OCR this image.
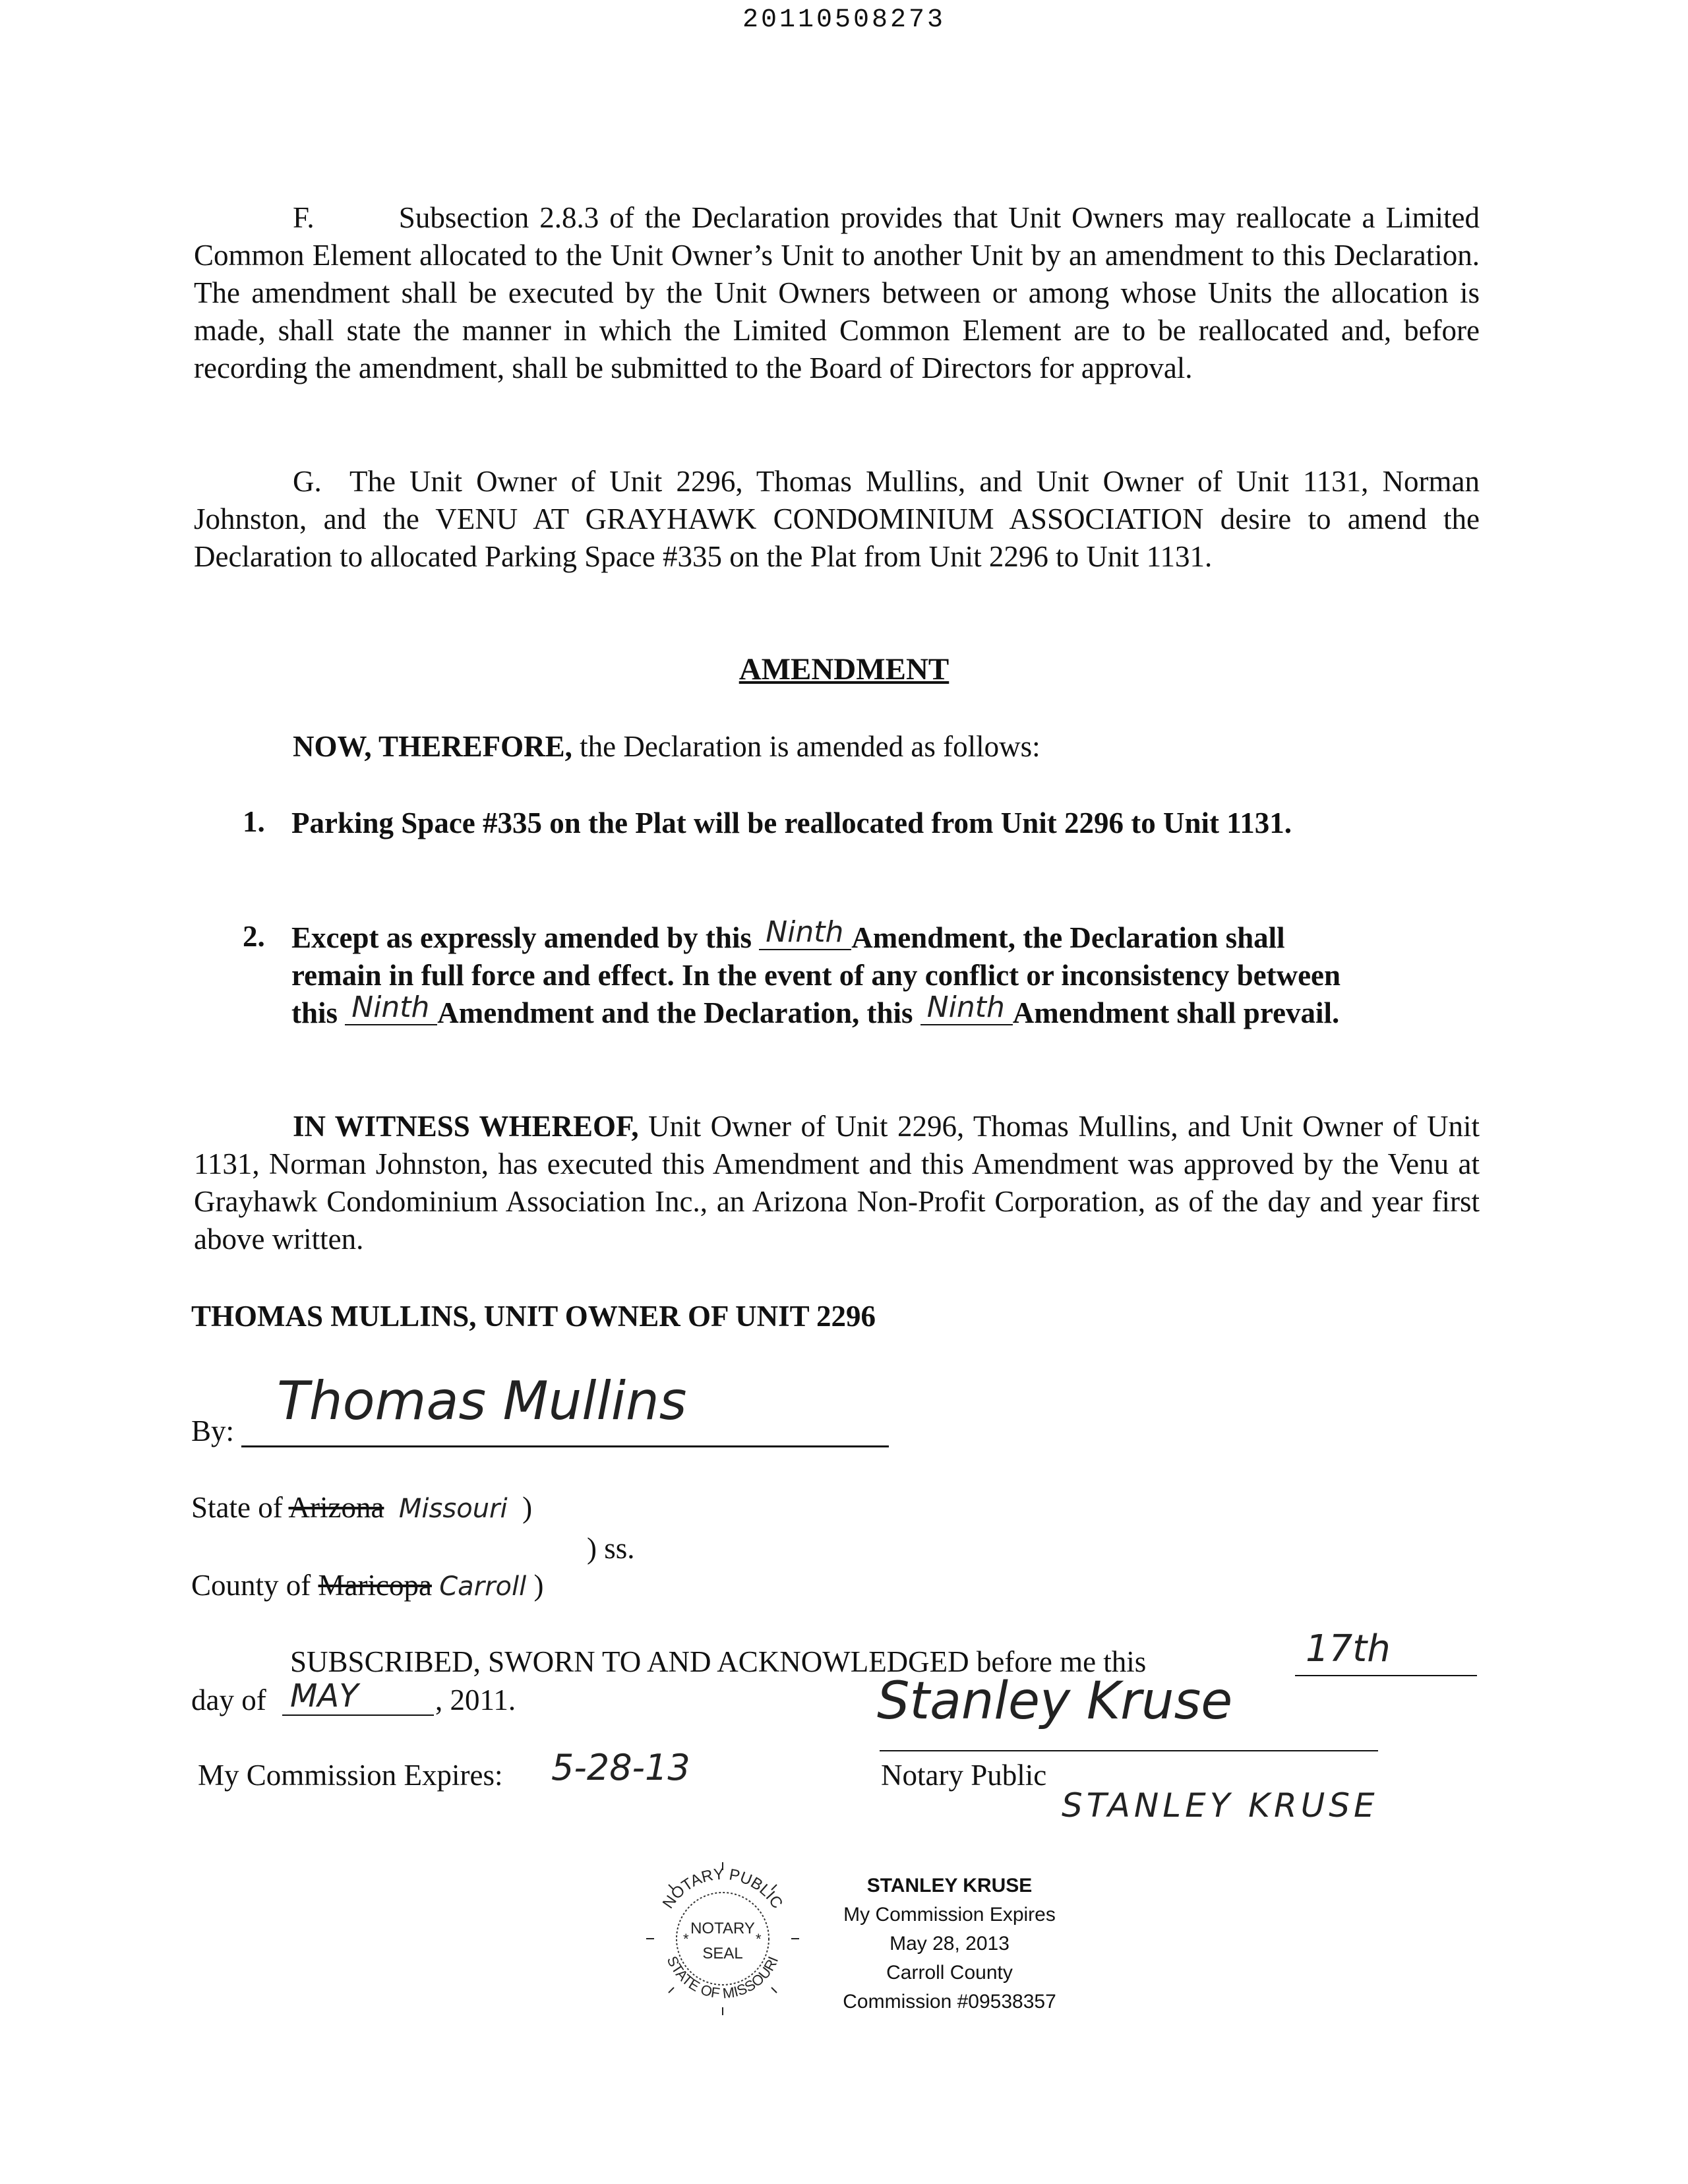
20110508273
F.        Subsection 2.8.3 of the Declaration provides that Unit Owners may reallocate a Limited Common Element allocated to the Unit Owner’s Unit to another Unit by an amendment to this Declaration. The amendment shall be executed by the Unit Owners between or among whose Units the allocation is made, shall state the manner in which the Limited Common Element are to be reallocated and, before recording the amendment, shall be submitted to the Board of Directors for approval.
G.  The Unit Owner of Unit 2296, Thomas Mullins, and Unit Owner of Unit 1131, Norman Johnston, and the VENU AT GRAYHAWK CONDOMINIUM ASSOCIATION desire to amend the Declaration to allocated Parking Space #335 on the Plat from Unit 2296 to Unit 1131.
AMENDMENT
NOW, THEREFORE, the Declaration is amended as follows:
1. Parking Space #335 on the Plat will be reallocated from Unit 2296 to Unit 1131.
2. Except as expressly amended by this Ninth Amendment, the Declaration shall remain in full force and effect. In the event of any conflict or inconsistency between this Ninth Amendment and the Declaration, this Ninth Amendment shall prevail.
IN WITNESS WHEREOF, Unit Owner of Unit 2296, Thomas Mullins, and Unit Owner of Unit 1131, Norman Johnston, has executed this Amendment and this Amendment was approved by the Venu at Grayhawk Condominium Association Inc., an Arizona Non-Profit Corporation, as of the day and year first above written.
THOMAS MULLINS, UNIT OWNER OF UNIT 2296
By: Thomas Mullins
State of Arizona Missouri )
) ss.
County of Maricopa Carroll )
SUBSCRIBED, SWORN TO AND ACKNOWLEDGED before me this	17th
day of MAY	, 2011.	Stanley Kruse
My Commission Expires: 5-28-13	Notary Public
STANLEY KRUSE
NOTARY PUBLIC
STATE OF MISSOURI
NOTARY
SEAL
*	*
STANLEY KRUSE
My Commission Expires
May 28, 2013
Carroll County
Commission #09538357
